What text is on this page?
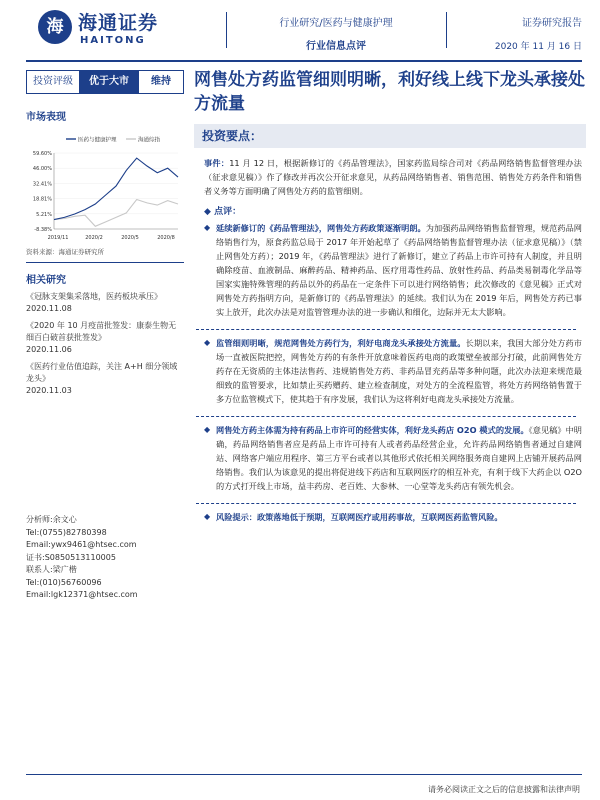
海 海通证券
HAITONG
行业研究/医药与健康护理
行业信息点评
证券研究报告
2020 年 11 月 16 日
投资评级	优于大市	维持
市场表现
医药与健康护理	海通综指
59.60%
46.00%
32.41%
18.81%
5.21%
-8.38%
2019/11	2020/2	2020/5	2020/8
资料来源：海通证券研究所
相关研究
《冠脉支架集采落地，医药板块承压》
2020.11.08
《2020 年 10 月疫苗批签发：康泰生物无细百白破首获批签发》
2020.11.06
《医药行业估值追踪，关注 A+H 细分领域龙头》
2020.11.03
分析师:余文心
Tel:(0755)82780398
Email:ywx9461@htsec.com
证书:S0850513110005
联系人:梁广楷
Tel:(010)56760096
Email:lgk12371@htsec.com
网售处方药监管细则明晰，利好线上线下龙头承接处方流量
投资要点：

事件：11 月 12 日，根据新修订的《药品管理法》，国家药监局综合司对《药品网络销售监督管理办法（征求意见稿）》作了修改并再次公开征求意见，从药品网络销售者、销售范围、销售处方药条件和销售者义务等方面明确了网售处方药的监管细则。

◆ 点评：
◆ 延续新修订的《药品管理法》，网售处方药政策逐渐明朗。为加强药品网络销售监督管理，规范药品网络销售行为，原食药监总局于 2017 年开始起草了《药品网络销售监督管理办法（征求意见稿）》（禁止网售处方药）；2019 年，《药品管理法》进行了新修订，建立了药品上市许可持有人制度，并且明确除疫苗、血液制品、麻醉药品、精神药品、医疗用毒性药品、放射性药品、药品类易制毒化学品等国家实施特殊管理的药品以外的药品在一定条件下可以进行网络销售；此次修改的《意见稿》正式对网售处方药指明方向，是新修订的《药品管理法》的延续。我们认为在 2019 年后，网售处方药已事实上放开，此次办法是对监管管理办法的进一步确认和细化，边际并无太大影响。
◆ 监管细则明晰，规范网售处方药行为，利好电商龙头承接处方流量。长期以来，我国大部分处方药市场一直被医院把控，网售处方药的有条件开放意味着医药电商的政策壁垒被部分打破，此前网售处方药存在无资质的主体违法售药、违规销售处方药、非药品冒充药品等多种问题，此次办法迎来规范最细致的监管要求，比如禁止买药赠药、建立检查制度，对处方的全流程监管，将处方药网络销售置于多方位监管模式下，使其趋于有序发展，我们认为这将利好电商龙头承接处方流量。
◆ 网售处方药主体需为持有药品上市许可的经营实体，利好龙头药店 O2O 模式的发展。《意见稿》中明确，药品网络销售者应是药品上市许可持有人或者药品经营企业，允许药品网络销售者通过自建网站、网络客户端应用程序、第三方平台或者以其他形式依托相关网络服务商自建网上店铺开展药品网络销售。我们认为该意见的提出将促进线下药店和互联网医疗的相互补充，有利于线下大药企以 O2O 的方式打开线上市场，益丰药房、老百姓、大参林、一心堂等龙头药店有领先机会。
◆ 风险提示：政策落地低于预期，互联网医疗或用药事故，互联网医药监管风险。
请务必阅读正文之后的信息披露和法律声明
